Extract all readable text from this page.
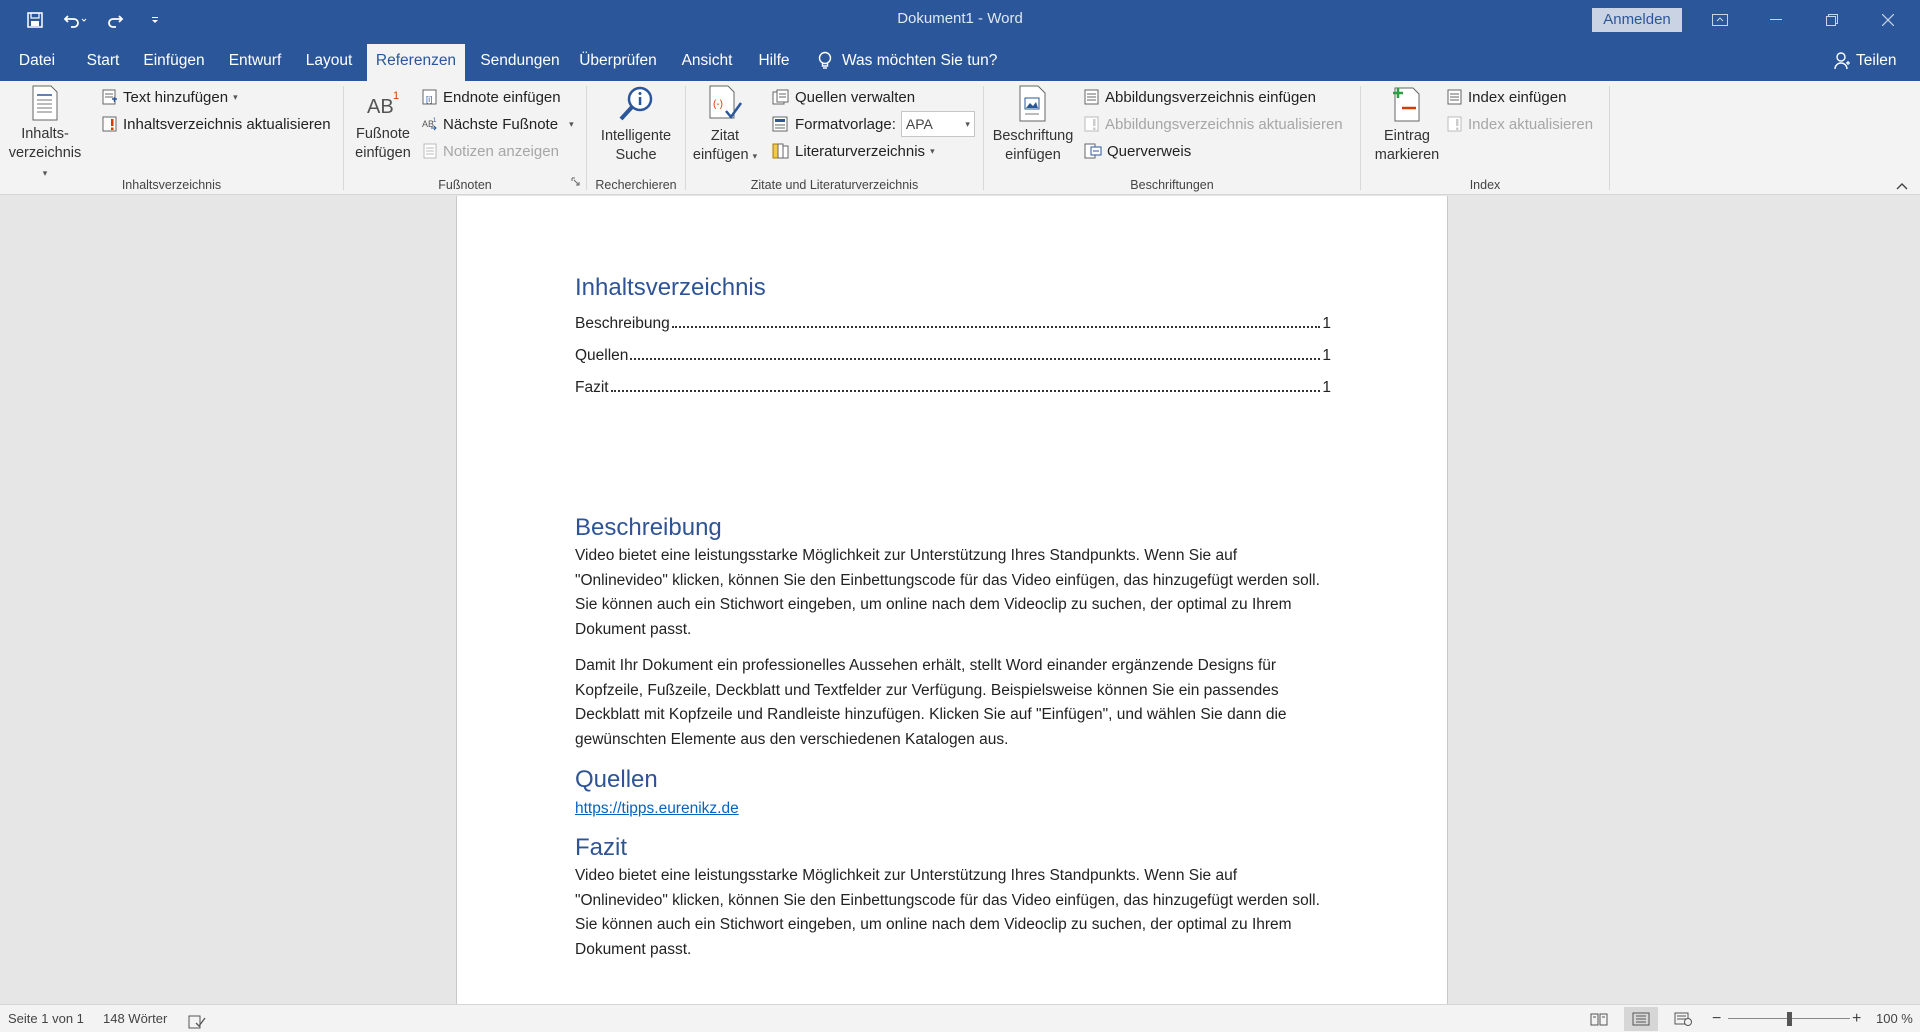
Dokument1 - Word	Anmelden
Datei	Start	Einfügen	Entwurf	Layout	Referenzen	Sendungen	Überprüfen	Ansicht	Hilfe	Was möchten Sie tun?	Teilen
Inhalts-
verzeichnis ▾
Text hinzufügen ▾
Inhaltsverzeichnis aktualisieren
Inhaltsverzeichnis
AB 1
Fußnote
einfügen
[i] Endnote einfügen
AB
1 Nächste Fußnote ▾
Notizen anzeigen
Fußnoten
Intelligente
Suche
Recherchieren
(-)
Zitat
einfügen ▾
Quellen verwalten
Formatvorlage: APA	▾
Literaturverzeichnis ▾
Zitate und Literaturverzeichnis
Beschriftung
einfügen
Abbildungsverzeichnis einfügen
Abbildungsverzeichnis aktualisieren
Querverweis
Beschriftungen
Eintrag
markieren
Index einfügen
Index aktualisieren
Index
Inhaltsverzeichnis
Beschreibung	1
Quellen	1
Fazit	1
Beschreibung

Video bietet eine leistungsstarke Möglichkeit zur Unterstützung Ihres Standpunkts. Wenn Sie auf "Onlinevideo" klicken, können Sie den Einbettungscode für das Video einfügen, das hinzugefügt werden soll. Sie können auch ein Stichwort eingeben, um online nach dem Videoclip zu suchen, der optimal zu Ihrem Dokument passt.

Damit Ihr Dokument ein professionelles Aussehen erhält, stellt Word einander ergänzende Designs für Kopfzeile, Fußzeile, Deckblatt und Textfelder zur Verfügung. Beispielsweise können Sie ein passendes Deckblatt mit Kopfzeile und Randleiste hinzufügen. Klicken Sie auf "Einfügen", und wählen Sie dann die gewünschten Elemente aus den verschiedenen Katalogen aus.

Quellen
https://tipps.eurenikz.de
Fazit

Video bietet eine leistungsstarke Möglichkeit zur Unterstützung Ihres Standpunkts. Wenn Sie auf "Onlinevideo" klicken, können Sie den Einbettungscode für das Video einfügen, das hinzugefügt werden soll. Sie können auch ein Stichwort eingeben, um online nach dem Videoclip zu suchen, der optimal zu Ihrem Dokument passt.

Seite 1 von 1 148 Wörter	−	+ 100 %
